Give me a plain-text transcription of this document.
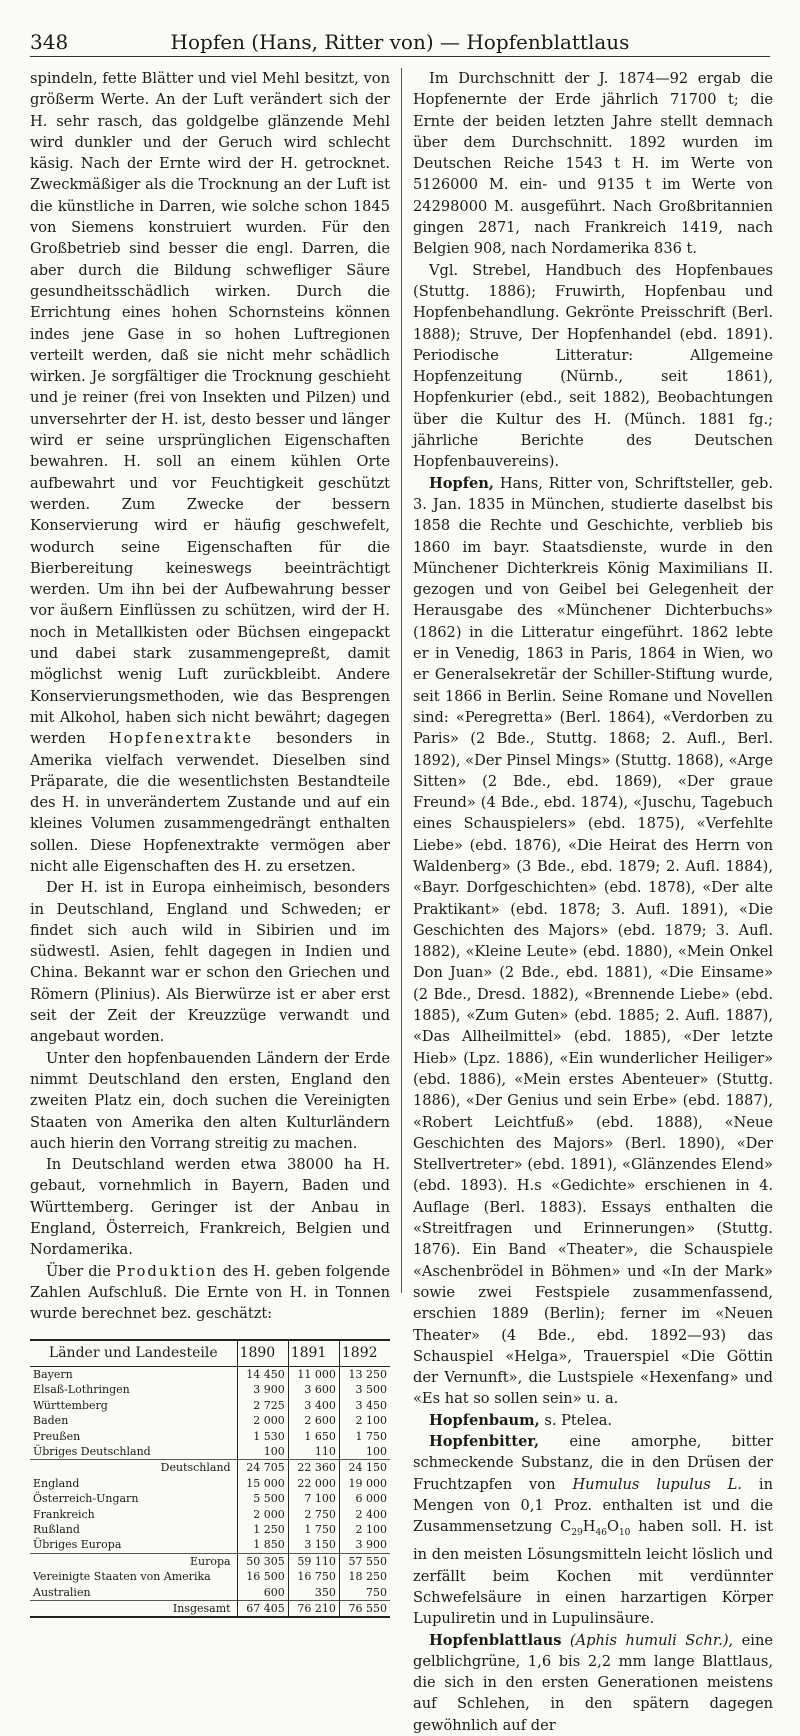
348	Hopfen (Hans, Ritter von) — Hopfenblattlaus

spindeln, fette Blätter und viel Mehl besitzt, von größerm Werte. An der Luft verändert sich der H. sehr rasch, das goldgelbe glänzende Mehl wird dunkler und der Geruch wird schlecht käsig. Nach der Ernte wird der H. getrocknet. Zweckmäßiger als die Trocknung an der Luft ist die künstliche in Darren, wie solche schon 1845 von Siemens konstruiert wurden. Für den Großbetrieb sind besser die engl. Darren, die aber durch die Bildung schwefliger Säure gesundheitsschädlich wirken. Durch die Errichtung eines hohen Schornsteins können indes jene Gase in so hohen Luftregionen verteilt werden, daß sie nicht mehr schädlich wirken. Je sorgfältiger die Trocknung geschieht und je reiner (frei von Insekten und Pilzen) und unversehrter der H. ist, desto besser und länger wird er seine ursprünglichen Eigenschaften bewahren. H. soll an einem kühlen Orte aufbewahrt und vor Feuchtigkeit geschützt werden. Zum Zwecke der bessern Konservierung wird er häufig geschwefelt, wodurch seine Eigenschaften für die Bierbereitung keineswegs beeinträchtigt werden. Um ihn bei der Aufbewahrung besser vor äußern Einflüssen zu schützen, wird der H. noch in Metallkisten oder Büchsen eingepackt und dabei stark zusammengepreßt, damit möglichst wenig Luft zurückbleibt. Andere Konservierungsmethoden, wie das Besprengen mit Alkohol, haben sich nicht bewährt; dagegen werden Hopfenextrakte besonders in Amerika vielfach verwendet. Dieselben sind Präparate, die die wesentlichsten Bestandteile des H. in unverändertem Zustande und auf ein kleines Volumen zusammengedrängt enthalten sollen. Diese Hopfenextrakte vermögen aber nicht alle Eigenschaften des H. zu ersetzen.

Der H. ist in Europa einheimisch, besonders in Deutschland, England und Schweden; er findet sich auch wild in Sibirien und im südwestl. Asien, fehlt dagegen in Indien und China. Bekannt war er schon den Griechen und Römern (Plinius). Als Bierwürze ist er aber erst seit der Zeit der Kreuzzüge verwandt und angebaut worden.

Unter den hopfenbauenden Ländern der Erde nimmt Deutschland den ersten, England den zweiten Platz ein, doch suchen die Vereinigten Staaten von Amerika den alten Kulturländern auch hierin den Vorrang streitig zu machen.

In Deutschland werden etwa 38000 ha H. gebaut, vornehmlich in Bayern, Baden und Württemberg. Geringer ist der Anbau in England, Österreich, Frankreich, Belgien und Nordamerika.

Über die Produktion des H. geben folgende Zahlen Aufschluß. Die Ernte von H. in Tonnen wurde berechnet bez. geschätzt:

Länder und Landesteile	1890	1891	1892
Bayern	14 450	11 000	13 250
Elsaß-Lothringen	3 900	3 600	3 500
Württemberg	2 725	3 400	3 450
Baden	2 000	2 600	2 100
Preußen	1 530	1 650	1 750
Übriges Deutschland	100	110	100
Deutschland	24 705	22 360	24 150
England	15 000	22 000	19 000
Österreich-Ungarn	5 500	7 100	6 000
Frankreich	2 000	2 750	2 400
Rußland	1 250	1 750	2 100
Übriges Europa	1 850	3 150	3 900
Europa	50 305	59 110	57 550
Vereinigte Staaten von Amerika	16 500	16 750	18 250
Australien	600	350	750
Insgesamt	67 405	76 210	76 550

Im Durchschnitt der J. 1874—92 ergab die Hopfenernte der Erde jährlich 71700 t; die Ernte der beiden letzten Jahre stellt demnach über dem Durchschnitt. 1892 wurden im Deutschen Reiche 1543 t H. im Werte von 5126000 M. ein- und 9135 t im Werte von 24298000 M. ausgeführt. Nach Großbritannien gingen 2871, nach Frankreich 1419, nach Belgien 908, nach Nordamerika 836 t.

Vgl. Strebel, Handbuch des Hopfenbaues (Stuttg. 1886); Fruwirth, Hopfenbau und Hopfenbehandlung. Gekrönte Preisschrift (Berl. 1888); Struve, Der Hopfenhandel (ebd. 1891). Periodische Litteratur: Allgemeine Hopfenzeitung (Nürnb., seit 1861), Hopfenkurier (ebd., seit 1882), Beobachtungen über die Kultur des H. (Münch. 1881 fg.; jährliche Berichte des Deutschen Hopfenbauvereins).

Hopfen, Hans, Ritter von, Schriftsteller, geb. 3. Jan. 1835 in München, studierte daselbst bis 1858 die Rechte und Geschichte, verblieb bis 1860 im bayr. Staatsdienste, wurde in den Münchener Dichterkreis König Maximilians II. gezogen und von Geibel bei Gelegenheit der Herausgabe des «Münchener Dichterbuchs» (1862) in die Litteratur eingeführt. 1862 lebte er in Venedig, 1863 in Paris, 1864 in Wien, wo er Generalsekretär der Schiller-Stiftung wurde, seit 1866 in Berlin. Seine Romane und Novellen sind: «Peregretta» (Berl. 1864), «Verdorben zu Paris» (2 Bde., Stuttg. 1868; 2. Aufl., Berl. 1892), «Der Pinsel Mings» (Stuttg. 1868), «Arge Sitten» (2 Bde., ebd. 1869), «Der graue Freund» (4 Bde., ebd. 1874), «Juschu, Tagebuch eines Schauspielers» (ebd. 1875), «Verfehlte Liebe» (ebd. 1876), «Die Heirat des Herrn von Waldenberg» (3 Bde., ebd. 1879; 2. Aufl. 1884), «Bayr. Dorfgeschichten» (ebd. 1878), «Der alte Praktikant» (ebd. 1878; 3. Aufl. 1891), «Die Geschichten des Majors» (ebd. 1879; 3. Aufl. 1882), «Kleine Leute» (ebd. 1880), «Mein Onkel Don Juan» (2 Bde., ebd. 1881), «Die Einsame» (2 Bde., Dresd. 1882), «Brennende Liebe» (ebd. 1885), «Zum Guten» (ebd. 1885; 2. Aufl. 1887), «Das Allheilmittel» (ebd. 1885), «Der letzte Hieb» (Lpz. 1886), «Ein wunderlicher Heiliger» (ebd. 1886), «Mein erstes Abenteuer» (Stuttg. 1886), «Der Genius und sein Erbe» (ebd. 1887), «Robert Leichtfuß» (ebd. 1888), «Neue Geschichten des Majors» (Berl. 1890), «Der Stellvertreter» (ebd. 1891), «Glänzendes Elend» (ebd. 1893). H.s «Gedichte» erschienen in 4. Auflage (Berl. 1883). Essays enthalten die «Streitfragen und Erinnerungen» (Stuttg. 1876). Ein Band «Theater», die Schauspiele «Aschenbrödel in Böhmen» und «In der Mark» sowie zwei Festspiele zusammenfassend, erschien 1889 (Berlin); ferner im «Neuen Theater» (4 Bde., ebd. 1892—93) das Schauspiel «Helga», Trauerspiel «Die Göttin der Vernunft», die Lustspiele «Hexenfang» und «Es hat so sollen sein» u. a.

Hopfenbaum, s. Ptelea.

Hopfenbitter, eine amorphe, bitter schmeckende Substanz, die in den Drüsen der Fruchtzapfen von Humulus lupulus L. in Mengen von 0,1 Proz. enthalten ist und die Zusammensetzung $C_{29}H_{46}O_{10}$ haben soll. H. ist in den meisten Lösungsmitteln leicht löslich und zerfällt beim Kochen mit verdünnter Schwefelsäure in einen harzartigen Körper Lupuliretin und in Lupulinsäure.

Hopfenblattlaus (Aphis humuli Schr.), eine gelblichgrüne, 1,6 bis 2,2 mm lange Blattlaus, die sich in den ersten Generationen meistens auf Schlehen, in den spätern dagegen gewöhnlich auf der
